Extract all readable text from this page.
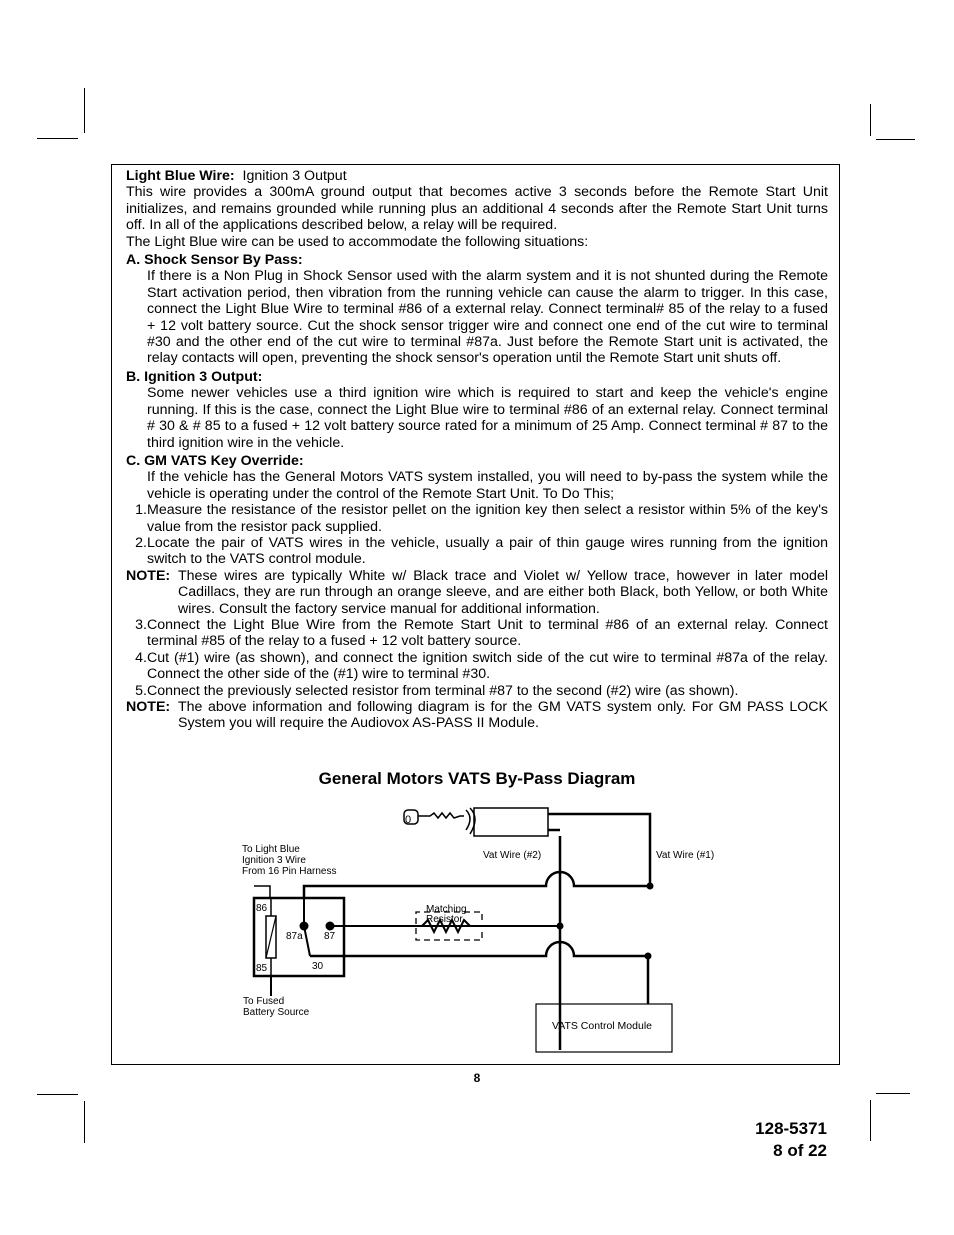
Light Blue Wire: Ignition 3 Output

This wire provides a 300mA ground output that becomes active 3 seconds before the Remote Start Unit initializes, and remains grounded while running plus an additional 4 seconds after the Remote Start Unit turns off. In all of the applications described below, a relay will be required.

The Light Blue wire can be used to accommodate the following situations:

A. Shock Sensor By Pass:

If there is a Non Plug in Shock Sensor used with the alarm system and it is not shunted during the Remote Start activation period, then vibration from the running vehicle can cause the alarm to trigger. In this case, connect the Light Blue Wire to terminal #86 of a external relay. Connect terminal# 85 of the relay to a fused + 12 volt battery source. Cut the shock sensor trigger wire and connect one end of the cut wire to terminal #30 and the other end of the cut wire to terminal #87a. Just before the Remote Start unit is activated, the relay contacts will open, preventing the shock sensor's operation until the Remote Start unit shuts off.

B. Ignition 3 Output:

Some newer vehicles use a third ignition wire which is required to start and keep the vehicle's engine running. If this is the case, connect the Light Blue wire to terminal #86 of an external relay. Connect terminal # 30 & # 85 to a fused + 12 volt battery source rated for a minimum of 25 Amp. Connect terminal # 87 to the third ignition wire in the vehicle.

C. GM VATS Key Override:

If the vehicle has the General Motors VATS system installed, you will need to by-pass the system while the vehicle is operating under the control of the Remote Start Unit. To Do This;

1. Measure the resistance of the resistor pellet on the ignition key then select a resistor within 5% of the key's value from the resistor pack supplied.
2. Locate the pair of VATS wires in the vehicle, usually a pair of thin gauge wires running from the ignition switch to the VATS control module.
NOTE: These wires are typically White w/ Black trace and Violet w/ Yellow trace, however in later model Cadillacs, they are run through an orange sleeve, and are either both Black, both Yellow, or both White wires. Consult the factory service manual for additional information.
3. Connect the Light Blue Wire from the Remote Start Unit to terminal #86 of an external relay. Connect terminal #85 of the relay to a fused + 12 volt battery source.
4. Cut (#1) wire (as shown), and connect the ignition switch side of the cut wire to terminal #87a of the relay. Connect the other side of the (#1) wire to terminal #30.
5. Connect the previously selected resistor from terminal #87 to the second (#2) wire (as shown).
NOTE: The above information and following diagram is for the GM VATS system only. For GM PASS LOCK System you will require the Audiovox AS-PASS II Module.
General Motors VATS By-Pass Diagram
0
Vat Wire (#2)	Vat Wire (#1)
To Light Blue
Ignition 3 Wire
From 16 Pin Harness
86
85
87a 87
30
Matching
Resistor
To Fused
Battery Source
VATS Control Module
8
128-5371
8 of 22
